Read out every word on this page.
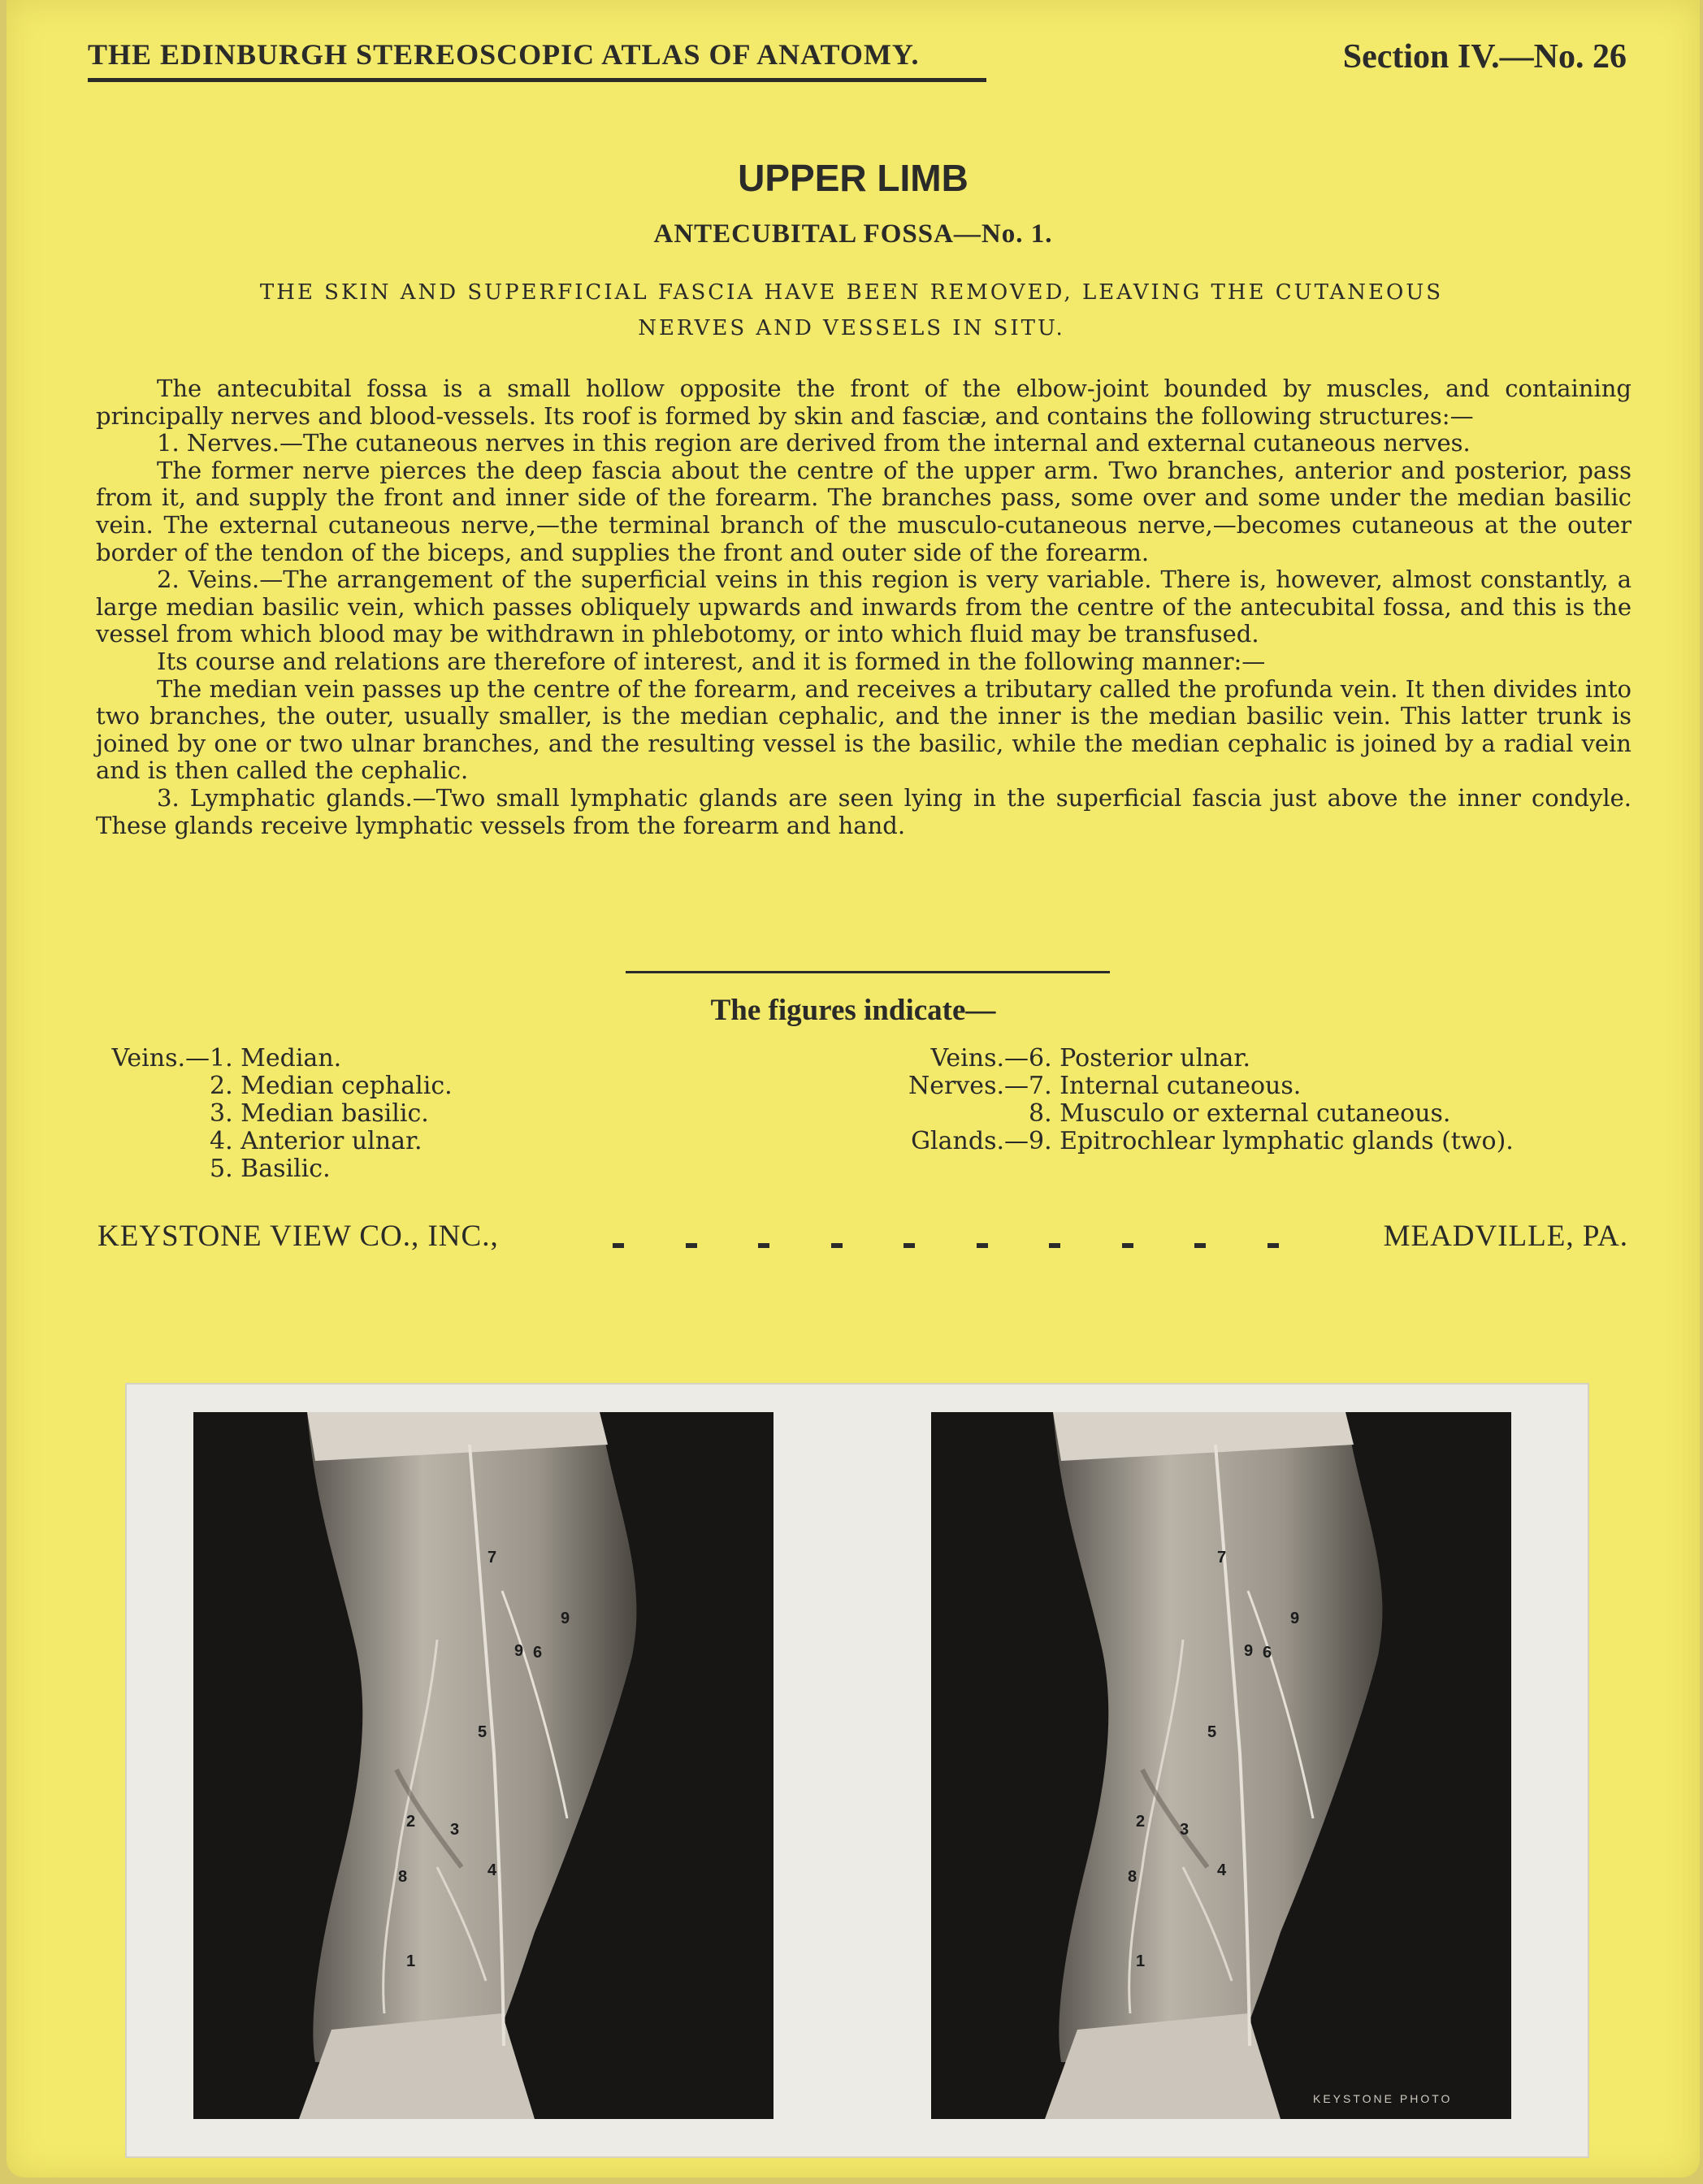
THE EDINBURGH STEREOSCOPIC ATLAS OF ANATOMY.	Section IV.—No. 26
UPPER LIMB
ANTECUBITAL FOSSA—No. 1.
THE SKIN AND SUPERFICIAL FASCIA HAVE BEEN REMOVED, LEAVING THE CUTANEOUS
NERVES AND VESSELS IN SITU.

The antecubital fossa is a small hollow opposite the front of the elbow-joint bounded by muscles, and containing principally nerves and blood-vessels. Its roof is formed by skin and fasciæ, and contains the following structures:—

1. Nerves.—The cutaneous nerves in this region are derived from the internal and external cutaneous nerves.

The former nerve pierces the deep fascia about the centre of the upper arm. Two branches, anterior and posterior, pass from it, and supply the front and inner side of the forearm. The branches pass, some over and some under the median basilic vein. The external cutaneous nerve,—the terminal branch of the musculo-cutaneous nerve,—becomes cutaneous at the outer border of the tendon of the biceps, and supplies the front and outer side of the forearm.

2. Veins.—The arrangement of the superficial veins in this region is very variable. There is, however, almost constantly, a large median basilic vein, which passes obliquely upwards and inwards from the centre of the antecubital fossa, and this is the vessel from which blood may be withdrawn in phlebotomy, or into which fluid may be transfused.

Its course and relations are therefore of interest, and it is formed in the following manner:—

The median vein passes up the centre of the forearm, and receives a tributary called the profunda vein. It then divides into two branches, the outer, usually smaller, is the median cephalic, and the inner is the median basilic vein. This latter trunk is joined by one or two ulnar branches, and the resulting vessel is the basilic, while the median cephalic is joined by a radial vein and is then called the cephalic.

3. Lymphatic glands.—Two small lymphatic glands are seen lying in the superficial fascia just above the inner condyle. These glands receive lymphatic vessels from the forearm and hand.

The figures indicate—
Veins.— 1. Median.
2. Median cephalic.
3. Median basilic.
4. Anterior ulnar.
5. Basilic.
Veins.— 6. Posterior ulnar.
Nerves.— 7. Internal cutaneous.
8. Musculo or external cutaneous.
Glands.— 9. Epitrochlear lymphatic glands (two).
KEYSTONE VIEW CO., INC.,	MEADVILLE, PA.
7
9
9 6
5
2 3
8	4
1
7
9
9 6
5
2 3
8	4
1
KEYSTONE PHOTO
